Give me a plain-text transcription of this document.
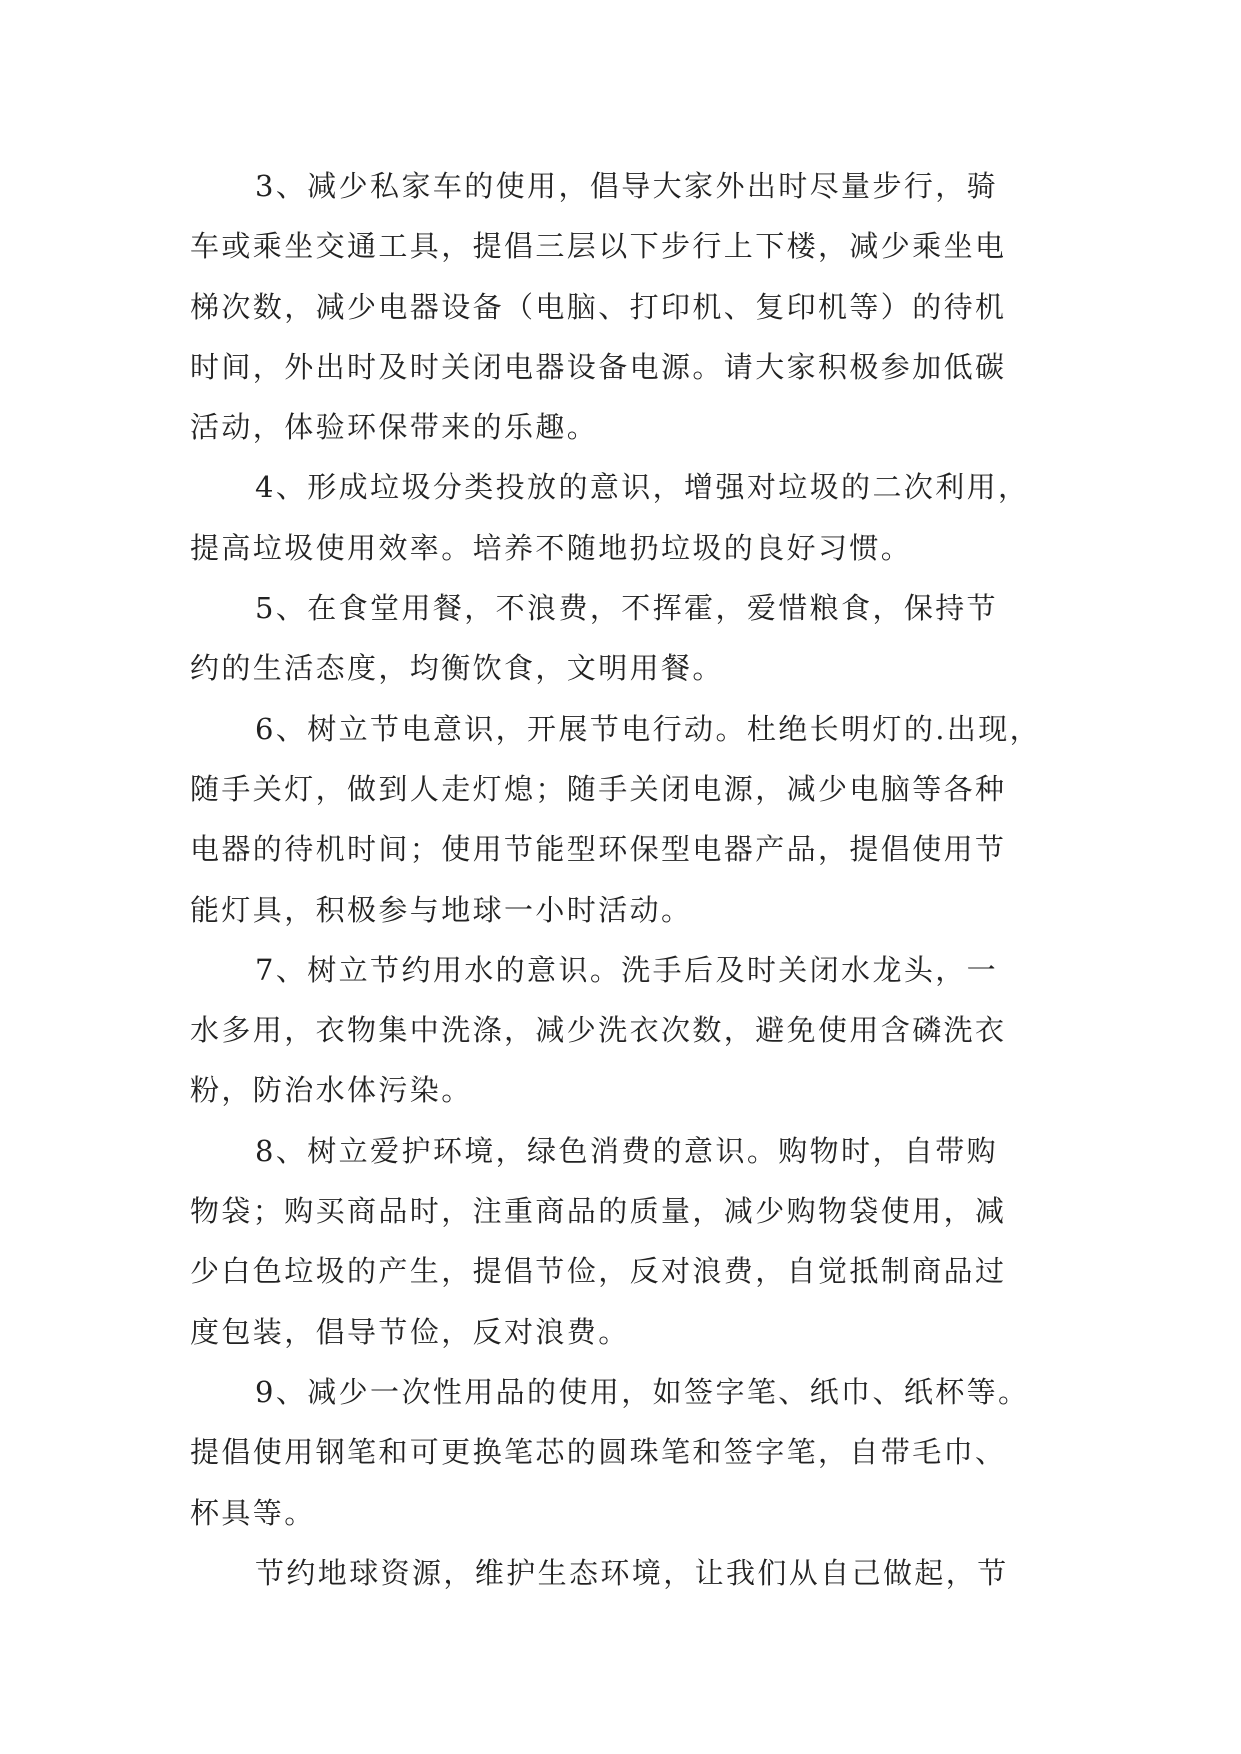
3、减少私家车的使用，倡导大家外出时尽量步行，骑
车或乘坐交通工具，提倡三层以下步行上下楼，减少乘坐电
梯次数，减少电器设备（电脑、打印机、复印机等）的待机
时间，外出时及时关闭电器设备电源。请大家积极参加低碳
活动，体验环保带来的乐趣。
4、形成垃圾分类投放的意识，增强对垃圾的二次利用，
提高垃圾使用效率。培养不随地扔垃圾的良好习惯。
5、在食堂用餐，不浪费，不挥霍，爱惜粮食，保持节
约的生活态度，均衡饮食，文明用餐。
6、树立节电意识，开展节电行动。杜绝长明灯的.出现，
随手关灯，做到人走灯熄；随手关闭电源，减少电脑等各种
电器的待机时间；使用节能型环保型电器产品，提倡使用节
能灯具，积极参与地球一小时活动。
7、树立节约用水的意识。洗手后及时关闭水龙头，一
水多用，衣物集中洗涤，减少洗衣次数，避免使用含磷洗衣
粉，防治水体污染。
8、树立爱护环境，绿色消费的意识。购物时，自带购
物袋；购买商品时，注重商品的质量，减少购物袋使用，减
少白色垃圾的产生，提倡节俭，反对浪费，自觉抵制商品过
度包装，倡导节俭，反对浪费。
9、减少一次性用品的使用，如签字笔、纸巾、纸杯等。
提倡使用钢笔和可更换笔芯的圆珠笔和签字笔，自带毛巾、
杯具等。
节约地球资源，维护生态环境，让我们从自己做起，节
